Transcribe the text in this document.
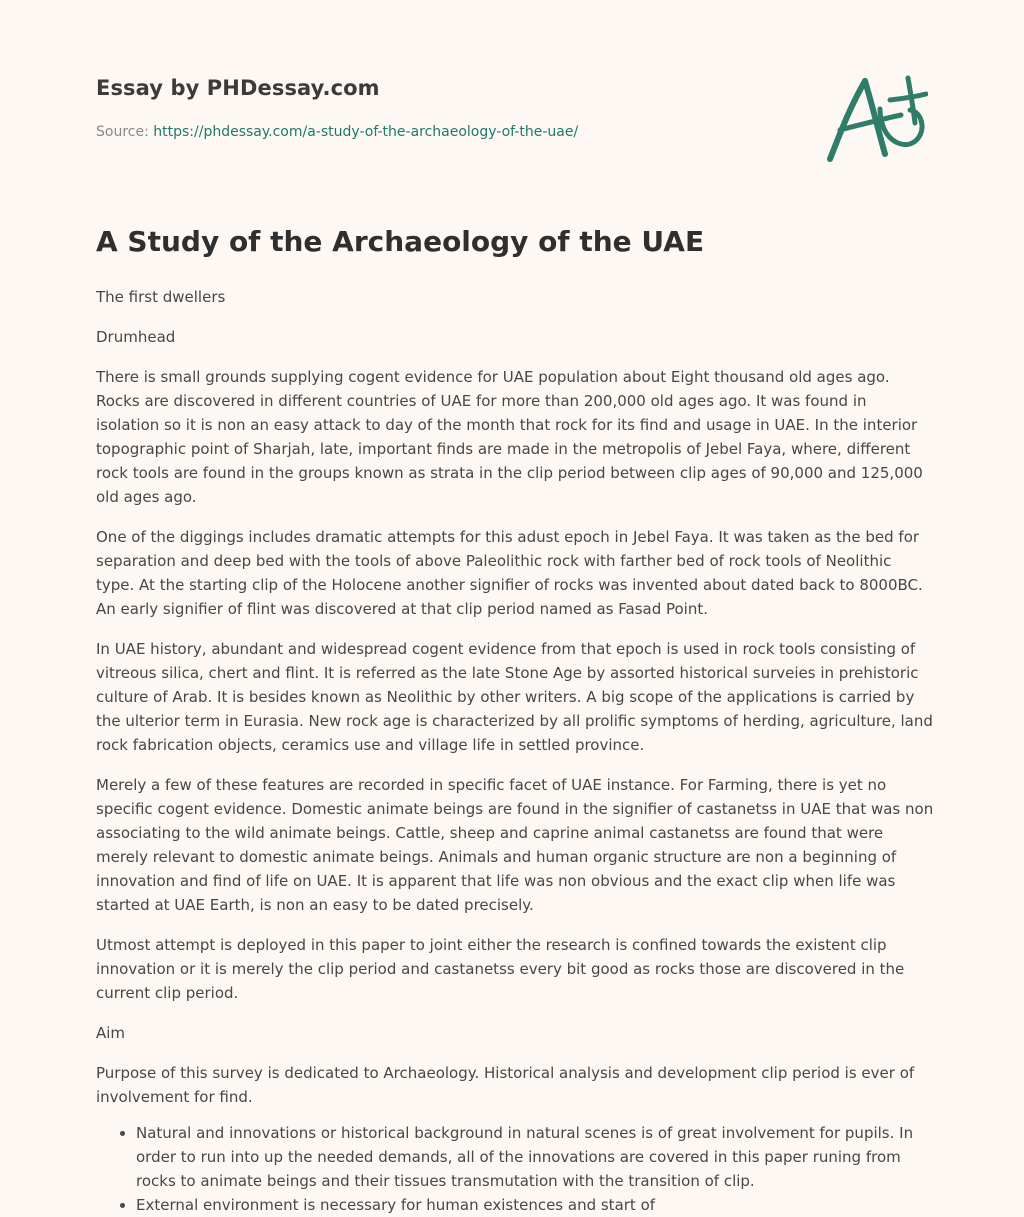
Essay by PHDessay.com
Source: https://phdessay.com/a-study-of-the-archaeology-of-the-uae/
A Study of the Archaeology of the UAE

The first dwellers

Drumhead

There is small grounds supplying cogent evidence for UAE population about Eight thousand old ages ago. Rocks are discovered in different countries of UAE for more than 200,000 old ages ago. It was found in isolation so it is non an easy attack to day of the month that rock for its find and usage in UAE. In the interior topographic point of Sharjah, late, important finds are made in the metropolis of Jebel Faya, where, different rock tools are found in the groups known as strata in the clip period between clip ages of 90,000 and 125,000 old ages ago.

One of the diggings includes dramatic attempts for this adust epoch in Jebel Faya. It was taken as the bed for separation and deep bed with the tools of above Paleolithic rock with farther bed of rock tools of Neolithic type. At the starting clip of the Holocene another signifier of rocks was invented about dated back to 8000BC. An early signifier of flint was discovered at that clip period named as Fasad Point.

In UAE history, abundant and widespread cogent evidence from that epoch is used in rock tools consisting of vitreous silica, chert and flint. It is referred as the late Stone Age by assorted historical surveies in prehistoric culture of Arab. It is besides known as Neolithic by other writers. A big scope of the applications is carried by the ulterior term in Eurasia. New rock age is characterized by all prolific symptoms of herding, agriculture, land rock fabrication objects, ceramics use and village life in settled province.

Merely a few of these features are recorded in specific facet of UAE instance. For Farming, there is yet no specific cogent evidence. Domestic animate beings are found in the signifier of castanetss in UAE that was non associating to the wild animate beings. Cattle, sheep and caprine animal castanetss are found that were merely relevant to domestic animate beings. Animals and human organic structure are non a beginning of innovation and find of life on UAE. It is apparent that life was non obvious and the exact clip when life was started at UAE Earth, is non an easy to be dated precisely.

Utmost attempt is deployed in this paper to joint either the research is confined towards the existent clip innovation or it is merely the clip period and castanetss every bit good as rocks those are discovered in the current clip period.

Aim

Purpose of this survey is dedicated to Archaeology. Historical analysis and development clip period is ever of involvement for find.

• Natural and innovations or historical background in natural scenes is of great involvement for pupils. In order to run into up the needed demands, all of the innovations are covered in this paper runing from rocks to animate beings and their tissues transmutation with the transition of clip.
• External environment is necessary for human existences and start of
